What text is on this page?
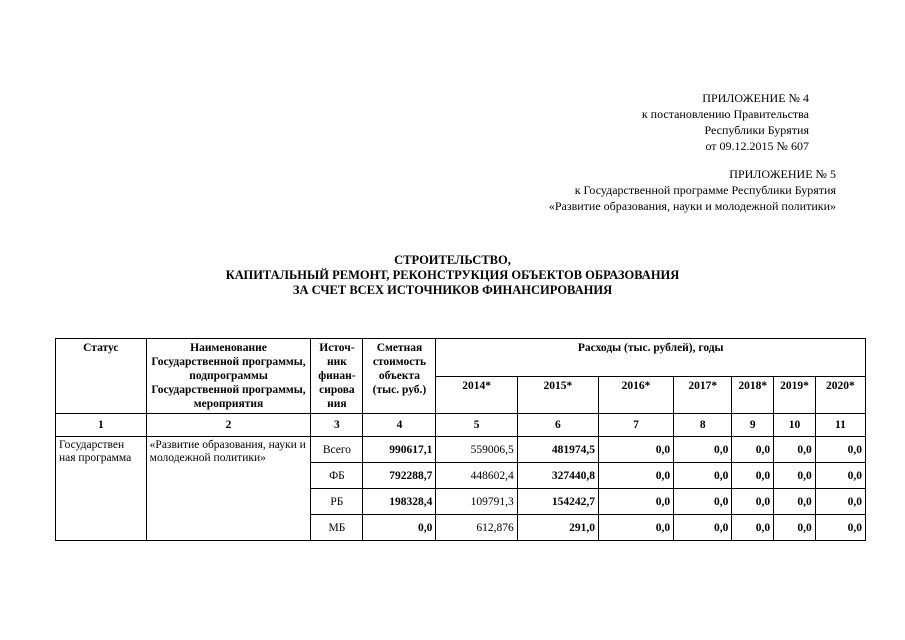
ПРИЛОЖЕНИЕ № 4
к постановлению Правительства
Республики Бурятия
от 09.12.2015 № 607
ПРИЛОЖЕНИЕ № 5
к Государственной программе Республики Бурятия
«Развитие образования, науки и молодежной политики»
СТРОИТЕЛЬСТВО,
КАПИТАЛЬНЫЙ РЕМОНТ, РЕКОНСТРУКЦИЯ ОБЪЕКТОВ ОБРАЗОВАНИЯ
ЗА СЧЕТ ВСЕХ ИСТОЧНИКОВ ФИНАНСИРОВАНИЯ
Статус	Наименование Государственной программы, подпрограммы Государственной программы, мероприятия	Источ-ник финан-сирова ния	Сметная стоимость объекта (тыс. руб.)	Расходы (тыс. рублей), годы						
				2014*	2015*	2016*	2017*	2018*	2019*	2020*
1	2	3	4	5	6	7	8	9	10	11
Государствен ная программа	«Развитие образования, науки и молодежной политики»	Всего	990617,1	559006,5	481974,5	0,0	0,0	0,0	0,0	0,0
		ФБ	792288,7	448602,4	327440,8	0,0	0,0	0,0	0,0	0,0
		РБ	198328,4	109791,3	154242,7	0,0	0,0	0,0	0,0	0,0
		МБ	0,0	612,876	291,0	0,0	0,0	0,0	0,0	0,0
